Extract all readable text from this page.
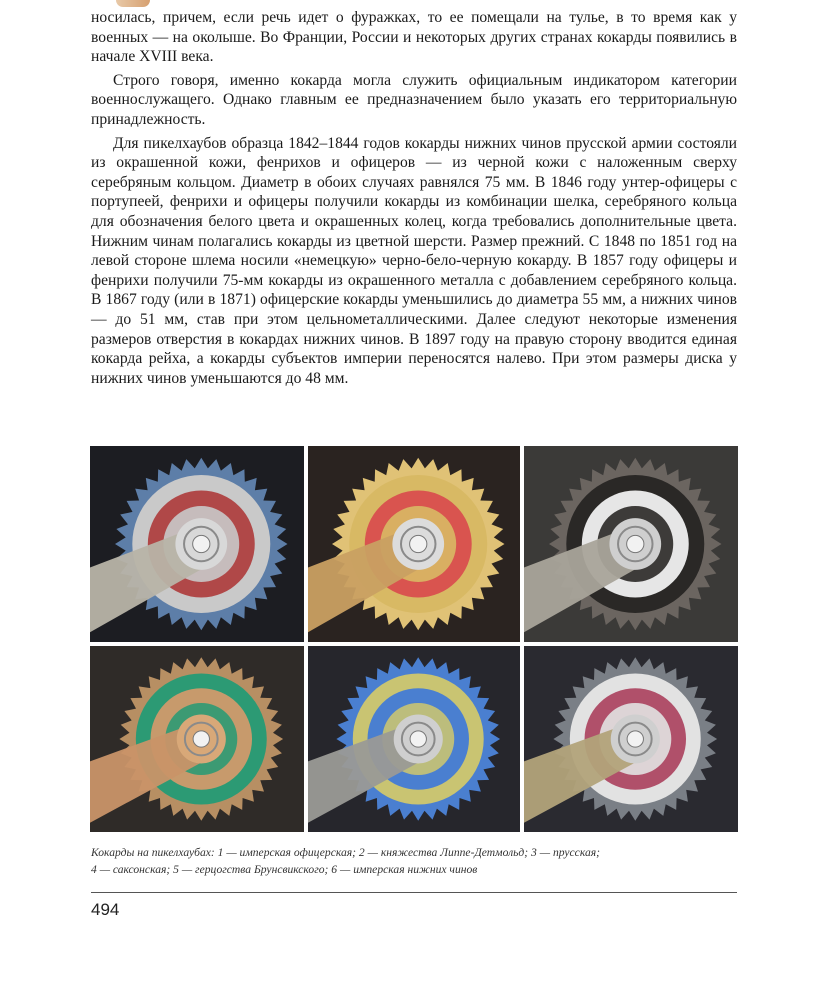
носилась, причем, если речь идет о фуражках, то ее помещали на тулье, в то время как у военных — на околыше. Во Франции, России и некоторых других странах кокарды появились в начале XVIII века.

Строго говоря, именно кокарда могла служить официальным индикатором категории военнослужащего. Однако главным ее предназначением было указать его территориальную принадлежность.

Для пикелхаубов образца 1842–1844 годов кокарды нижних чинов прусской армии состояли из окрашенной кожи, фенрихов и офицеров — из черной кожи с наложенным сверху серебряным кольцом. Диаметр в обоих случаях равнялся 75 мм. В 1846 году унтер-офицеры с портупеей, фенрихи и офицеры получили кокарды из комбинации шелка, серебряного кольца для обозначения белого цвета и окрашенных колец, когда требовались дополнительные цвета. Нижним чинам полагались кокарды из цветной шерсти. Размер прежний. С 1848 по 1851 год на левой стороне шлема носили «немецкую» черно-бело-черную кокарду. В 1857 году офицеры и фенрихи получили 75-мм кокарды из окрашенного металла с добавлением серебряного кольца. В 1867 году (или в 1871) офицерские кокарды уменьшились до диаметра 55 мм, а нижних чинов — до 51 мм, став при этом цельнометаллическими. Далее следуют некоторые изменения размеров отверстия в кокардах нижних чинов. В 1897 году на правую сторону вводится единая кокарда рейха, а кокарды субъектов империи переносятся налево. При этом размеры диска у нижних чинов уменьшаются до 48 мм.

Кокарды на пикелхаубах: 1 — имперская офицерская; 2 — княжества Липпе-Детмольд; 3 — прусская;
4 — саксонская; 5 — герцогства Брунсвикского; 6 — имперская нижних чинов
494
